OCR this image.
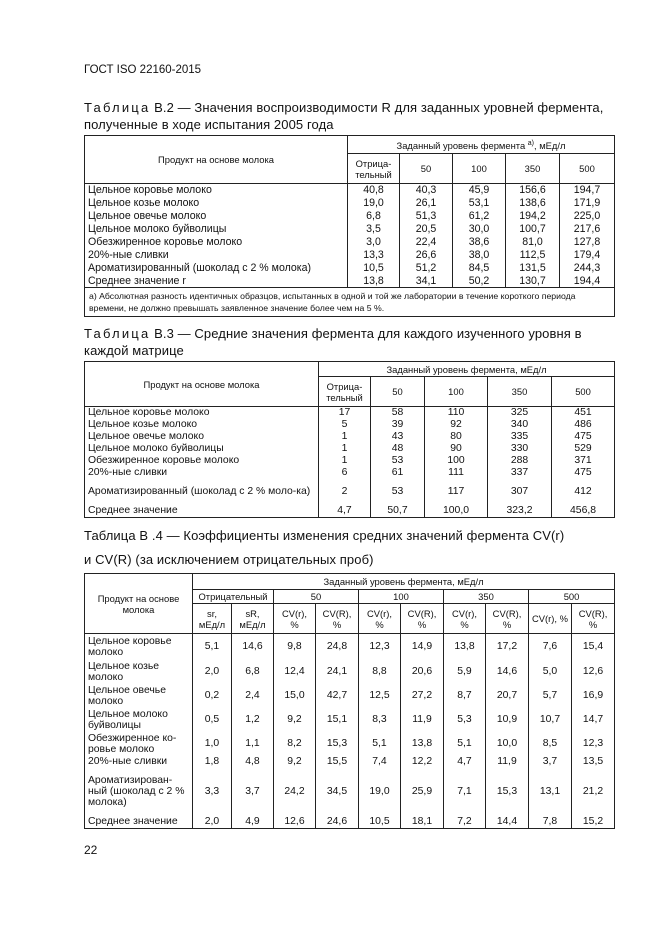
ГОСТ ISO 22160-2015
Таблица В.2 — Значения воспроизводимости R для заданных уровней фермента,
полученные в ходе испытания 2005 года
Продукт на основе молока	Заданный уровень фермента $^{а)}$, мЕд/л				
	Отрица-тельный	50	100	350	500
Цельное коровье молоко	40,8	40,3	45,9	156,6	194,7
Цельное козье молоко	19,0	26,1	53,1	138,6	171,9
Цельное овечье молоко	6,8	51,3	61,2	194,2	225,0
Цельное молоко буйволицы	3,5	20,5	30,0	100,7	217,6
Обезжиренное коровье молоко	3,0	22,4	38,6	81,0	127,8
20%-ные сливки	13,3	26,6	38,0	112,5	179,4
Ароматизированный (шоколад с 2 % молока)	10,5	51,2	84,5	131,5	244,3
Среднее значение r	13,8	34,1	50,2	130,7	194,4
а) Абсолютная разность идентичных образцов, испытанных в одной и той же лаборатории в течение короткого периода времени, не должно превышать заявленное значение более чем на 5 %.					
Таблица В.3 — Средние значения фермента для каждого изученного уровня в
каждой матрице
Продукт на основе молока	Заданный уровень фермента, мЕд/л				
	Отрица-тельный	50	100	350	500
Цельное коровье молоко	17	58	110	325	451
Цельное козье молоко	5	39	92	340	486
Цельное овечье молоко	1	43	80	335	475
Цельное молоко буйволицы	1	48	90	330	529
Обезжиренное коровье молоко	1	53	100	288	371
20%-ные сливки	6	61	111	337	475
Ароматизированный (шоколад с 2 % моло-ка)	2	53	117	307	412
Среднее значение	4,7	50,7	100,0	323,2	456,8
Таблица В .4 — Коэффициенты изменения средних значений фермента CV(r)
и CV(R) (за исключением отрицательных проб)
Продукт на основе молока	Заданный уровень фермента, мЕд/л									
	Отрицательный		50		100		350		500	
	sr, мЕд/л	sR, мЕд/л	CV(r), %	CV(R), %	CV(r), %	CV(R), %	CV(r), %	CV(R), %	CV(r), %	CV(R), %
Цельное коровье молоко	5,1	14,6	9,8	24,8	12,3	14,9	13,8	17,2	7,6	15,4
Цельное козье молоко	2,0	6,8	12,4	24,1	8,8	20,6	5,9	14,6	5,0	12,6
Цельное овечье молоко	0,2	2,4	15,0	42,7	12,5	27,2	8,7	20,7	5,7	16,9
Цельное молоко буйволицы	0,5	1,2	9,2	15,1	8,3	11,9	5,3	10,9	10,7	14,7
Обезжиренное ко-ровье молоко	1,0	1,1	8,2	15,3	5,1	13,8	5,1	10,0	8,5	12,3
20%-ные сливки	1,8	4,8	9,2	15,5	7,4	12,2	4,7	11,9	3,7	13,5
Ароматизирован-ный (шоколад с 2 % молока)	3,3	3,7	24,2	34,5	19,0	25,9	7,1	15,3	13,1	21,2
Среднее значение	2,0	4,9	12,6	24,6	10,5	18,1	7,2	14,4	7,8	15,2
22
